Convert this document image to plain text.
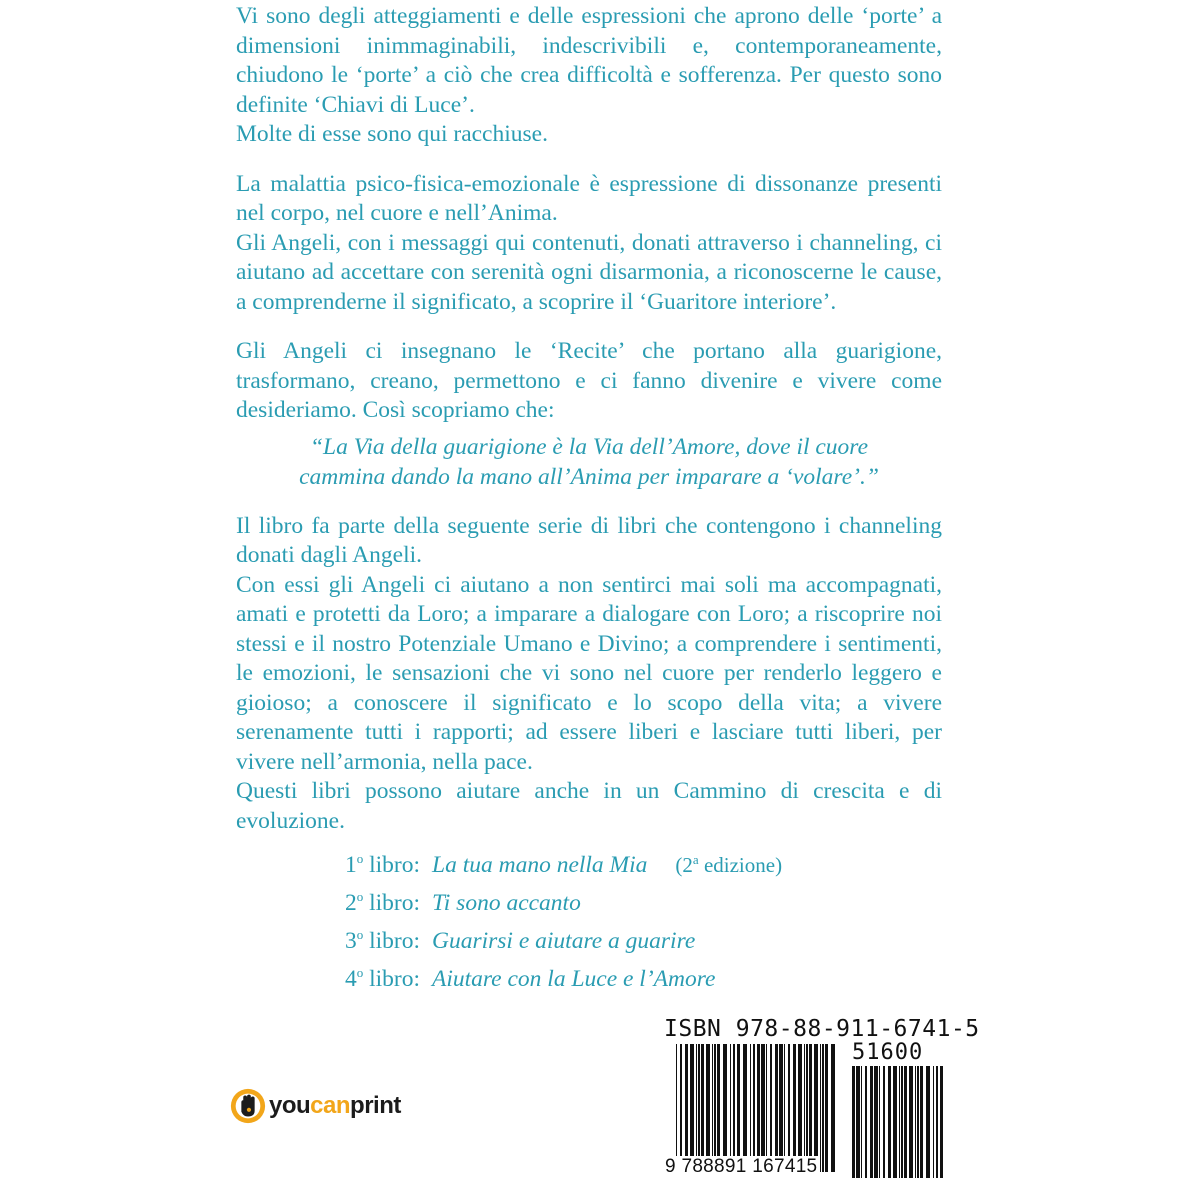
Vi sono degli atteggiamenti e delle espressioni che aprono delle ‘porte’ a dimensioni inimmaginabili, indescrivibili e, contemporaneamente, chiudono le ‘porte’ a ciò che crea difficoltà e sofferenza. Per questo sono definite ‘Chiavi di Luce’.

Molte di esse sono qui racchiuse.

La malattia psico-fisica-emozionale è espressione di dissonanze presenti nel corpo, nel cuore e nell’Anima.

Gli Angeli, con i messaggi qui contenuti, donati attraverso i channeling, ci aiutano ad accettare con serenità ogni disarmonia, a riconoscerne le cause, a comprenderne il significato, a scoprire il ‘Guaritore interiore’.

Gli Angeli ci insegnano le ‘Recite’ che portano alla guarigione, trasformano, creano, permettono e ci fanno divenire e vivere come desideriamo. Così scopriamo che:

“La Via della guarigione è la Via dell’Amore, dove il cuore
cammina dando la mano all’Anima per imparare a ‘volare’.”

Il libro fa parte della seguente serie di libri che contengono i channeling donati dagli Angeli.

Con essi gli Angeli ci aiutano a non sentirci mai soli ma accompagnati, amati e protetti da Loro; a imparare a dialogare con Loro; a riscoprire noi stessi e il nostro Potenziale Umano e Divino; a comprendere i sentimenti, le emozioni, le sensazioni che vi sono nel cuore per renderlo leggero e gioioso; a conoscere il significato e lo scopo della vita; a vivere serenamente tutti i rapporti; ad essere liberi e lasciare tutti liberi, per vivere nell’armonia, nella pace.

Questi libri possono aiutare anche in un Cammino di crescita e di evoluzione.

1$^o$ libro: La tua mano nella Mia (2$^a$ edizione)
2$^o$ libro: Ti sono accanto
3$^o$ libro: Guarirsi e aiutare a guarire
4$^o$ libro: Aiutare con la Luce e l’Amore
youcanprint
ISBN 978-88-911-6741-5
51600
9 788891 167415
